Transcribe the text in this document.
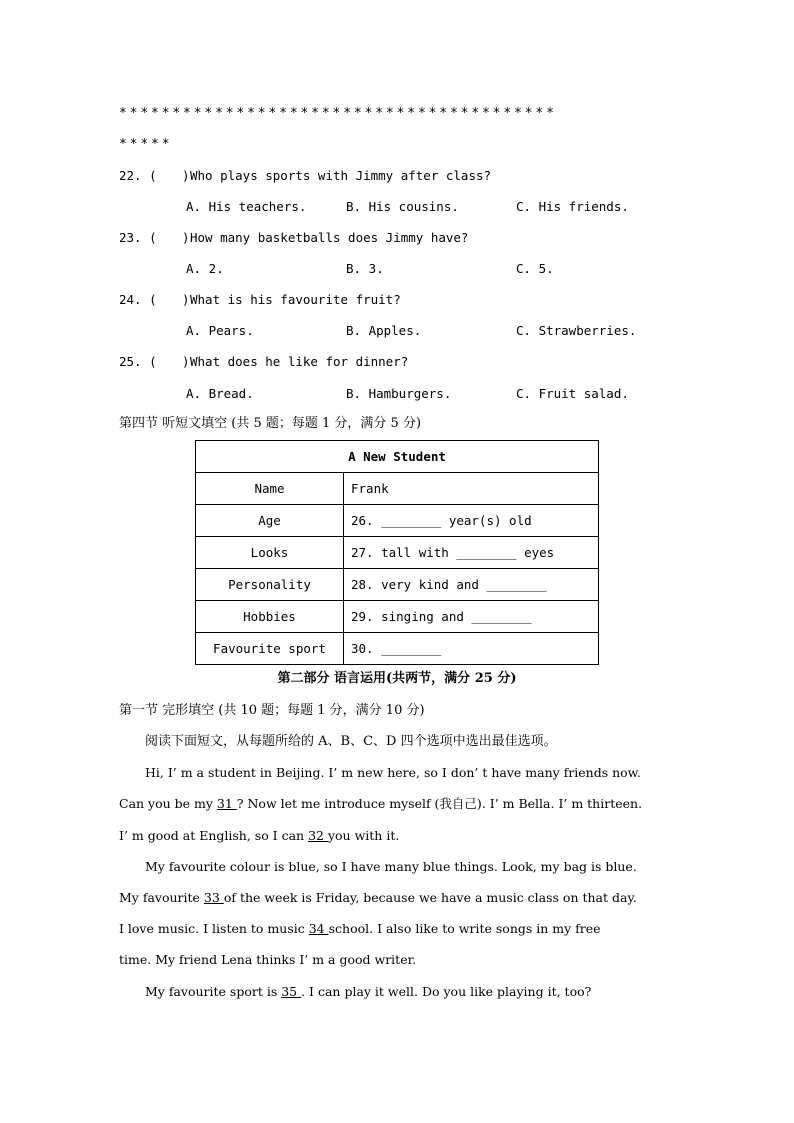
*****************************************
*****
22. ( ) Who plays sports with Jimmy after class?
A. His teachers.	B. His cousins.	C. His friends.
23. ( ) How many basketballs does Jimmy have?
A. 2.	B. 3.	C. 5.
24. ( ) What is his favourite fruit?
A. Pears.	B. Apples.	C. Strawberries.
25. ( ) What does he like for dinner?
A. Bread.	B. Hamburgers.	C. Fruit salad.
第四节 听短文填空 (共 5 题；每题 1 分，满分 5 分)
A New Student	
Name	Frank
Age	26. ________ year(s) old
Looks	27. tall with ________ eyes
Personality	28. very kind and ________
Hobbies	29. singing and ________
Favourite sport	30. ________
第二部分 语言运用(共两节，满分 25 分)
第一节 完形填空 (共 10 题；每题 1 分，满分 10 分)
阅读下面短文，从每题所给的 A、B、C、D 四个选项中选出最佳选项。
Hi, I’ m a student in Beijing. I’ m new here, so I don’ t have many friends now.
Can you be my 31 ? Now let me introduce myself (我自己). I’ m Bella. I’ m thirteen.
I’ m good at English, so I can 32 you with it.
My favourite colour is blue, so I have many blue things. Look, my bag is blue.
My favourite 33 of the week is Friday, because we have a music class on that day.
I love music. I listen to music 34 school. I also like to write songs in my free
time. My friend Lena thinks I’ m a good writer.
My favourite sport is 35 . I can play it well. Do you like playing it, too?
